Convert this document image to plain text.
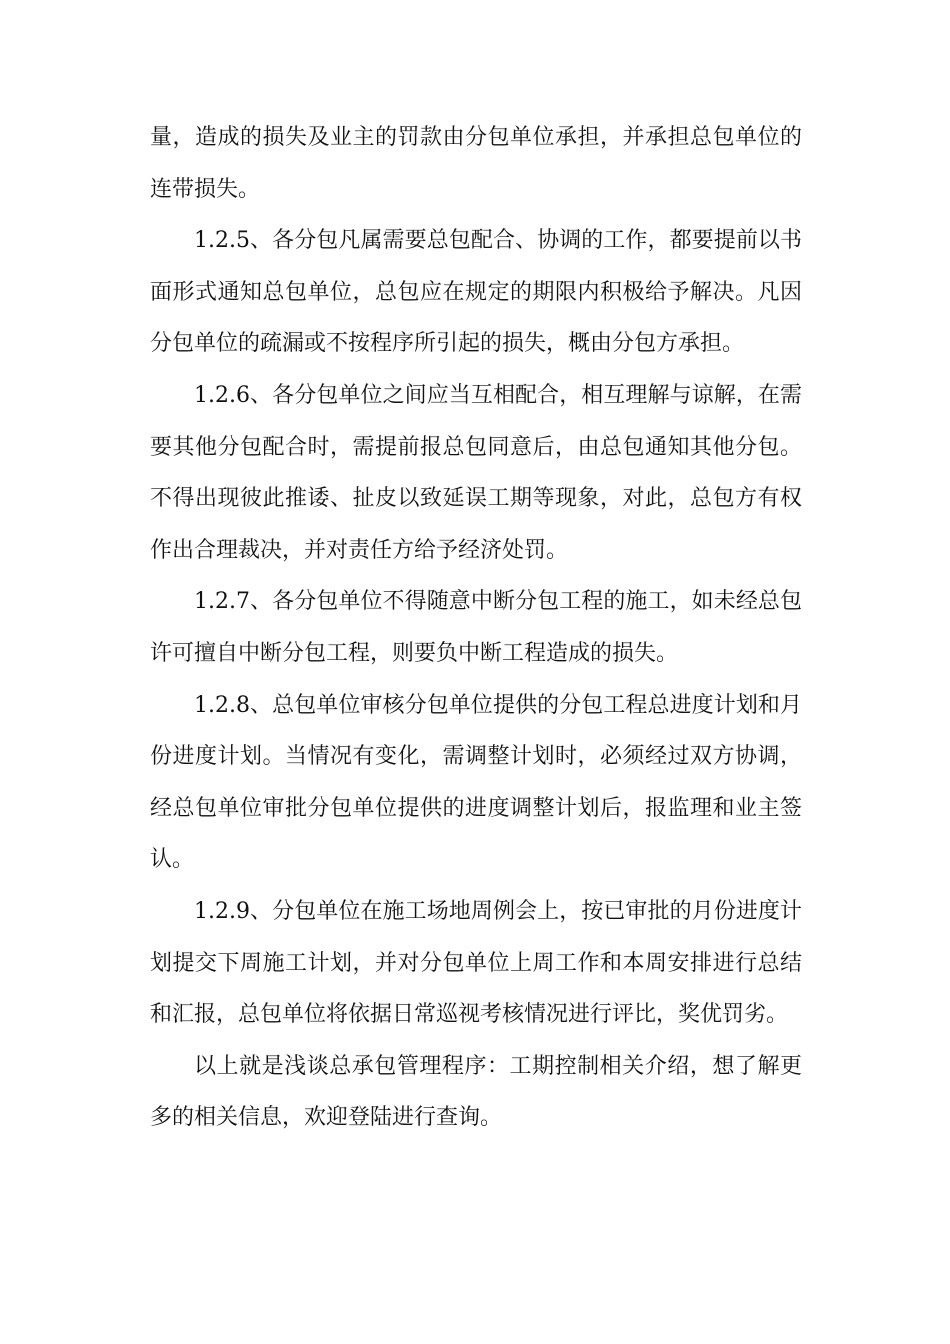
量，造成的损失及业主的罚款由分包单位承担，并承担总包单位的
连带损失。
1.2.5、各分包凡属需要总包配合、协调的工作，都要提前以书
面形式通知总包单位，总包应在规定的期限内积极给予解决。凡因
分包单位的疏漏或不按程序所引起的损失，概由分包方承担。
1.2.6、各分包单位之间应当互相配合，相互理解与谅解，在需
要其他分包配合时，需提前报总包同意后，由总包通知其他分包。
不得出现彼此推诿、扯皮以致延误工期等现象，对此，总包方有权
作出合理裁决，并对责任方给予经济处罚。
1.2.7、各分包单位不得随意中断分包工程的施工，如未经总包
许可擅自中断分包工程，则要负中断工程造成的损失。
1.2.8、总包单位审核分包单位提供的分包工程总进度计划和月
份进度计划。当情况有变化，需调整计划时，必须经过双方协调，
经总包单位审批分包单位提供的进度调整计划后，报监理和业主签
认。
1.2.9、分包单位在施工场地周例会上，按已审批的月份进度计
划提交下周施工计划，并对分包单位上周工作和本周安排进行总结
和汇报，总包单位将依据日常巡视考核情况进行评比，奖优罚劣。
以上就是浅谈总承包管理程序：工期控制相关介绍，想了解更
多的相关信息，欢迎登陆进行查询。
